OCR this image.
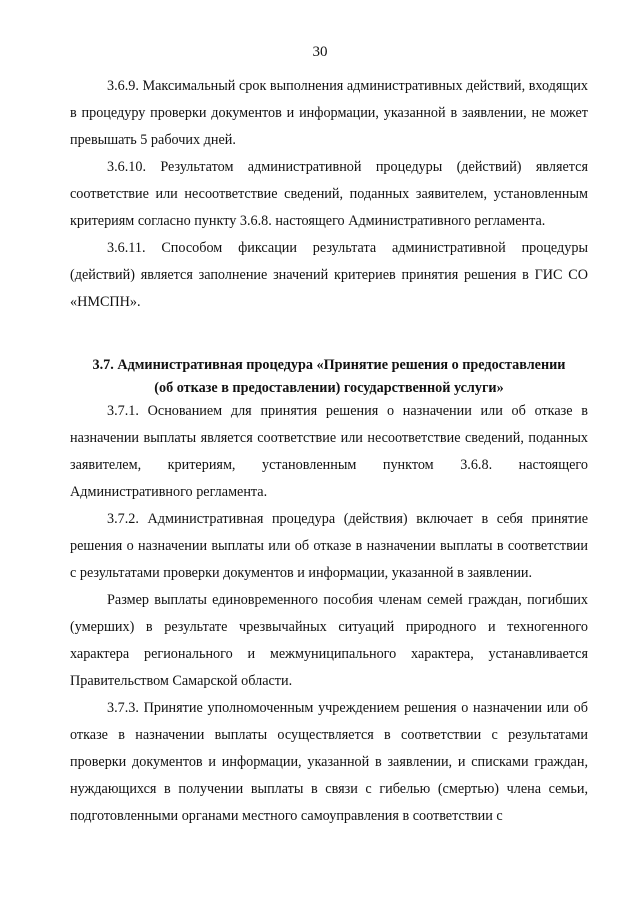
30

3.6.9. Максимальный срок выполнения административных действий, входящих в процедуру проверки документов и информации, указанной в заявлении, не может превышать 5 рабочих дней.

3.6.10. Результатом административной процедуры (действий) является соответствие или несоответствие сведений, поданных заявителем, установленным критериям согласно пункту 3.6.8. настоящего Административного регламента.

3.6.11. Способом фиксации результата административной процедуры (действий) является заполнение значений критериев принятия решения в ГИС СО «НМСПН».

3.7. Административная процедура «Принятие решения о предоставлении

(об отказе в предоставлении) государственной услуги»

3.7.1. Основанием для принятия решения о назначении или об отказе в назначении выплаты является соответствие или несоответствие сведений, поданных заявителем, критериям, установленным пунктом 3.6.8. настоящего Административного регламента.

3.7.2. Административная процедура (действия) включает в себя принятие решения о назначении выплаты или об отказе в назначении выплаты в соответствии с результатами проверки документов и информации, указанной в заявлении.

Размер выплаты единовременного пособия членам семей граждан, погибших (умерших) в результате чрезвычайных ситуаций природного и техногенного характера регионального и межмуниципального характера, устанавливается Правительством Самарской области.

3.7.3. Принятие уполномоченным учреждением решения о назначении или об отказе в назначении выплаты осуществляется в соответствии с результатами проверки документов и информации, указанной в заявлении, и списками граждан, нуждающихся в получении выплаты в связи с гибелью (смертью) члена семьи, подготовленными органами местного самоуправления в соответствии с
